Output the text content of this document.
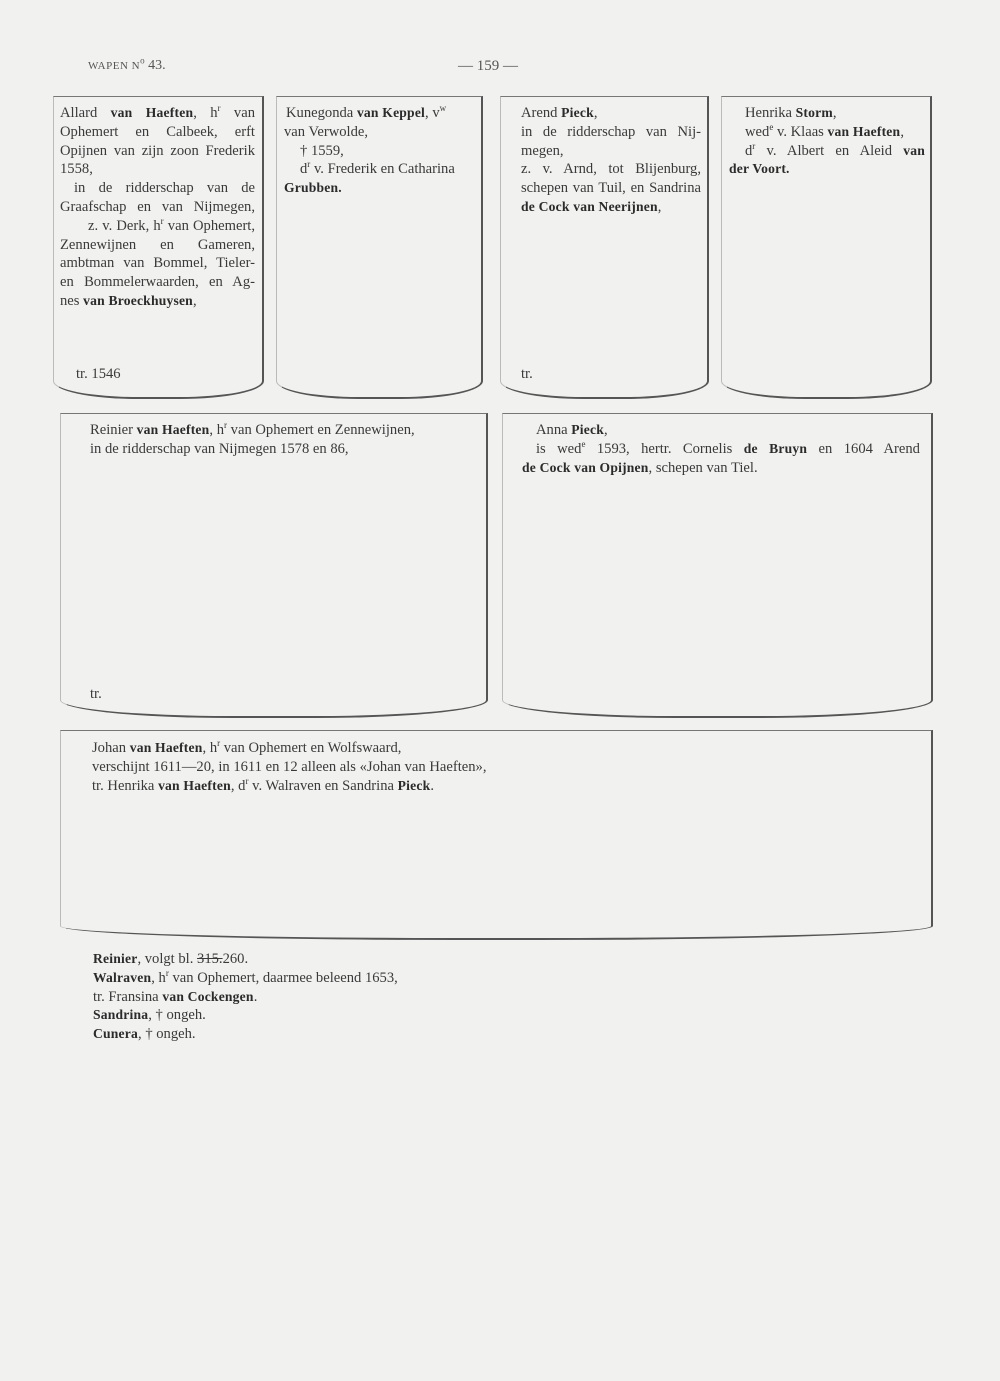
WAPEN $N^o$ 43.	— 159 —
Allard van Haeften, $h^r$ van
Ophemert en Calbeek, erft
Opijnen van zijn zoon Frederik
1558,
in de ridderschap van de
Graafschap en van Nijmegen,
z. v. Derk, $h^r$ van Ophemert,
Zennewijnen en Gameren,
ambtman van Bommel, Tieler-
en Bommelerwaarden, en Ag-
nes van Broeckhuysen,
tr. 1546
Kunegonda van Keppel, $v^w$
van Verwolde,
† 1559,
$d^r$ v. Frederik en Catharina
Grubben.
Arend Pieck,
in de ridderschap van Nij-
megen,
z. v. Arnd, tot Blijenburg,
schepen van Tuil, en Sandrina
de Cock van Neerijnen,
tr.
Henrika Storm,
wed$^e$ v. Klaas van Haeften,
$d^r$ v. Albert en Aleid van
der Voort.
Reinier van Haeften, $h^r$ van Ophemert en Zennewijnen,
in de ridderschap van Nijmegen 1578 en 86,
tr.
Anna Pieck,
is wed$^e$ 1593, hertr. Cornelis de Bruyn en 1604 Arend
de Cock van Opijnen, schepen van Tiel.
Johan van Haeften, $h^r$ van Ophemert en Wolfswaard,
verschijnt 1611—20, in 1611 en 12 alleen als «Johan van Haeften»,
tr. Henrika van Haeften, $d^r$ v. Walraven en Sandrina Pieck.
Reinier, volgt bl. 315.260.
Walraven, $h^r$ van Ophemert, daarmee beleend 1653,
tr. Fransina van Cockengen.
Sandrina, † ongeh.
Cunera, † ongeh.
